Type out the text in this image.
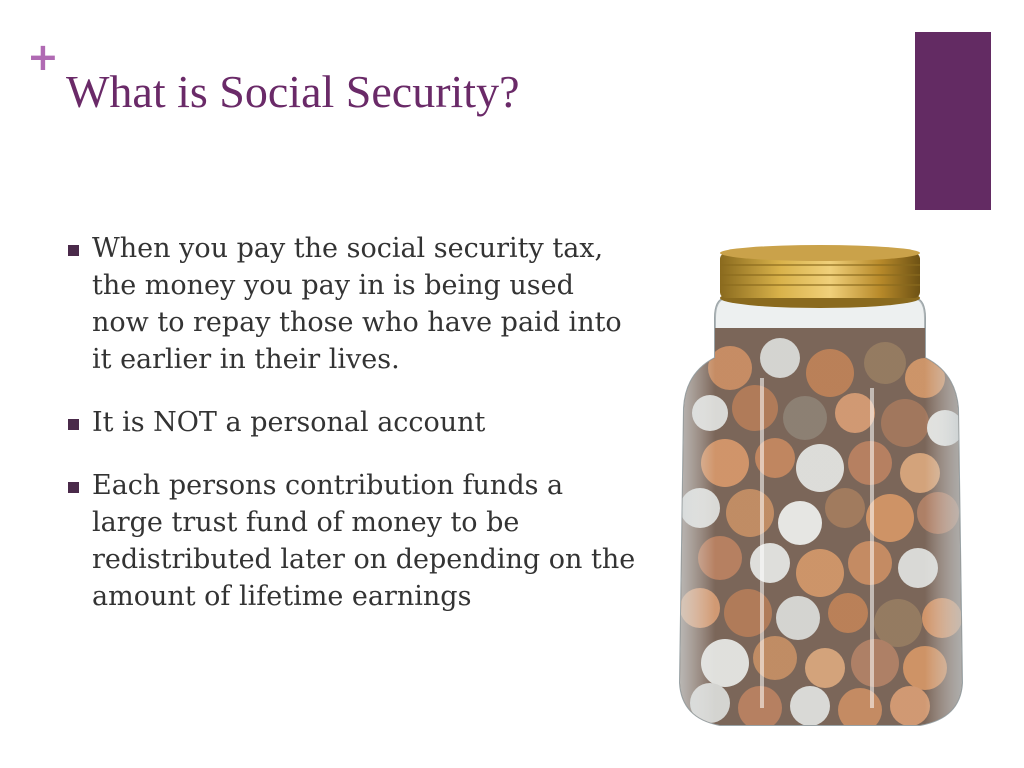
+
What is Social Security?
When you pay the social security tax, the money you pay in is being used now to repay those who have paid into it earlier in their lives.
It is NOT a personal account
Each persons contribution funds a large trust fund of money to be redistributed later on depending on the amount of lifetime earnings
